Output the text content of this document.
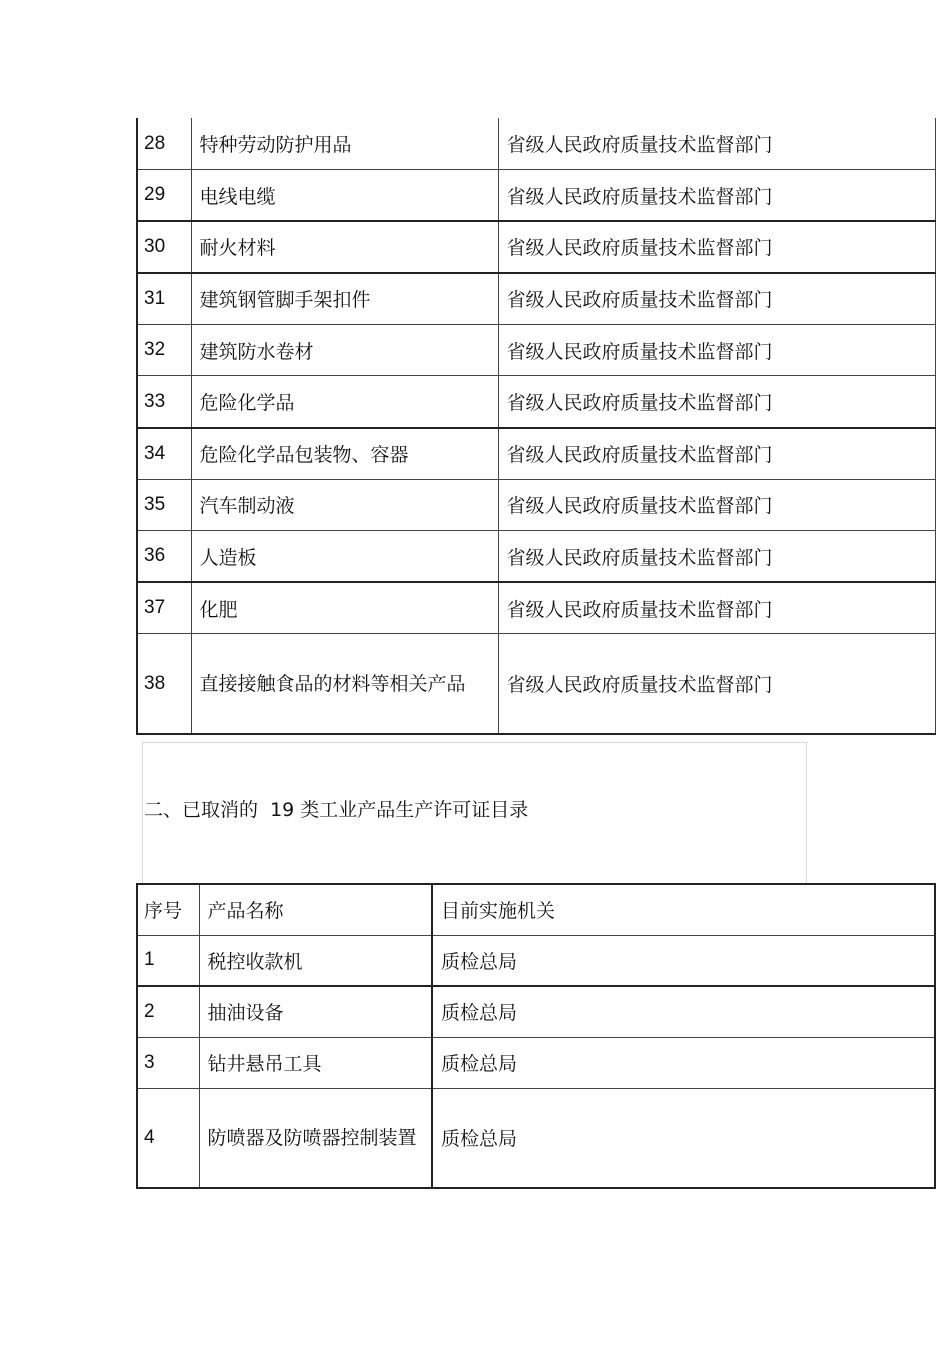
28	特种劳动防护用品	省级人民政府质量技术监督部门
29	电线电缆	省级人民政府质量技术监督部门
30	耐火材料	省级人民政府质量技术监督部门
31	建筑钢管脚手架扣件	省级人民政府质量技术监督部门
32	建筑防水卷材	省级人民政府质量技术监督部门
33	危险化学品	省级人民政府质量技术监督部门
34	危险化学品包装物、容器	省级人民政府质量技术监督部门
35	汽车制动液	省级人民政府质量技术监督部门
36	人造板	省级人民政府质量技术监督部门
37	化肥	省级人民政府质量技术监督部门
38	直接接触食品的材料等相关产品	省级人民政府质量技术监督部门
二、已取消的  19 类工业产品生产许可证目录
序号	产品名称	目前实施机关
1	税控收款机	质检总局
2	抽油设备	质检总局
3	钻井悬吊工具	质检总局
4	防喷器及防喷器控制装置	质检总局
